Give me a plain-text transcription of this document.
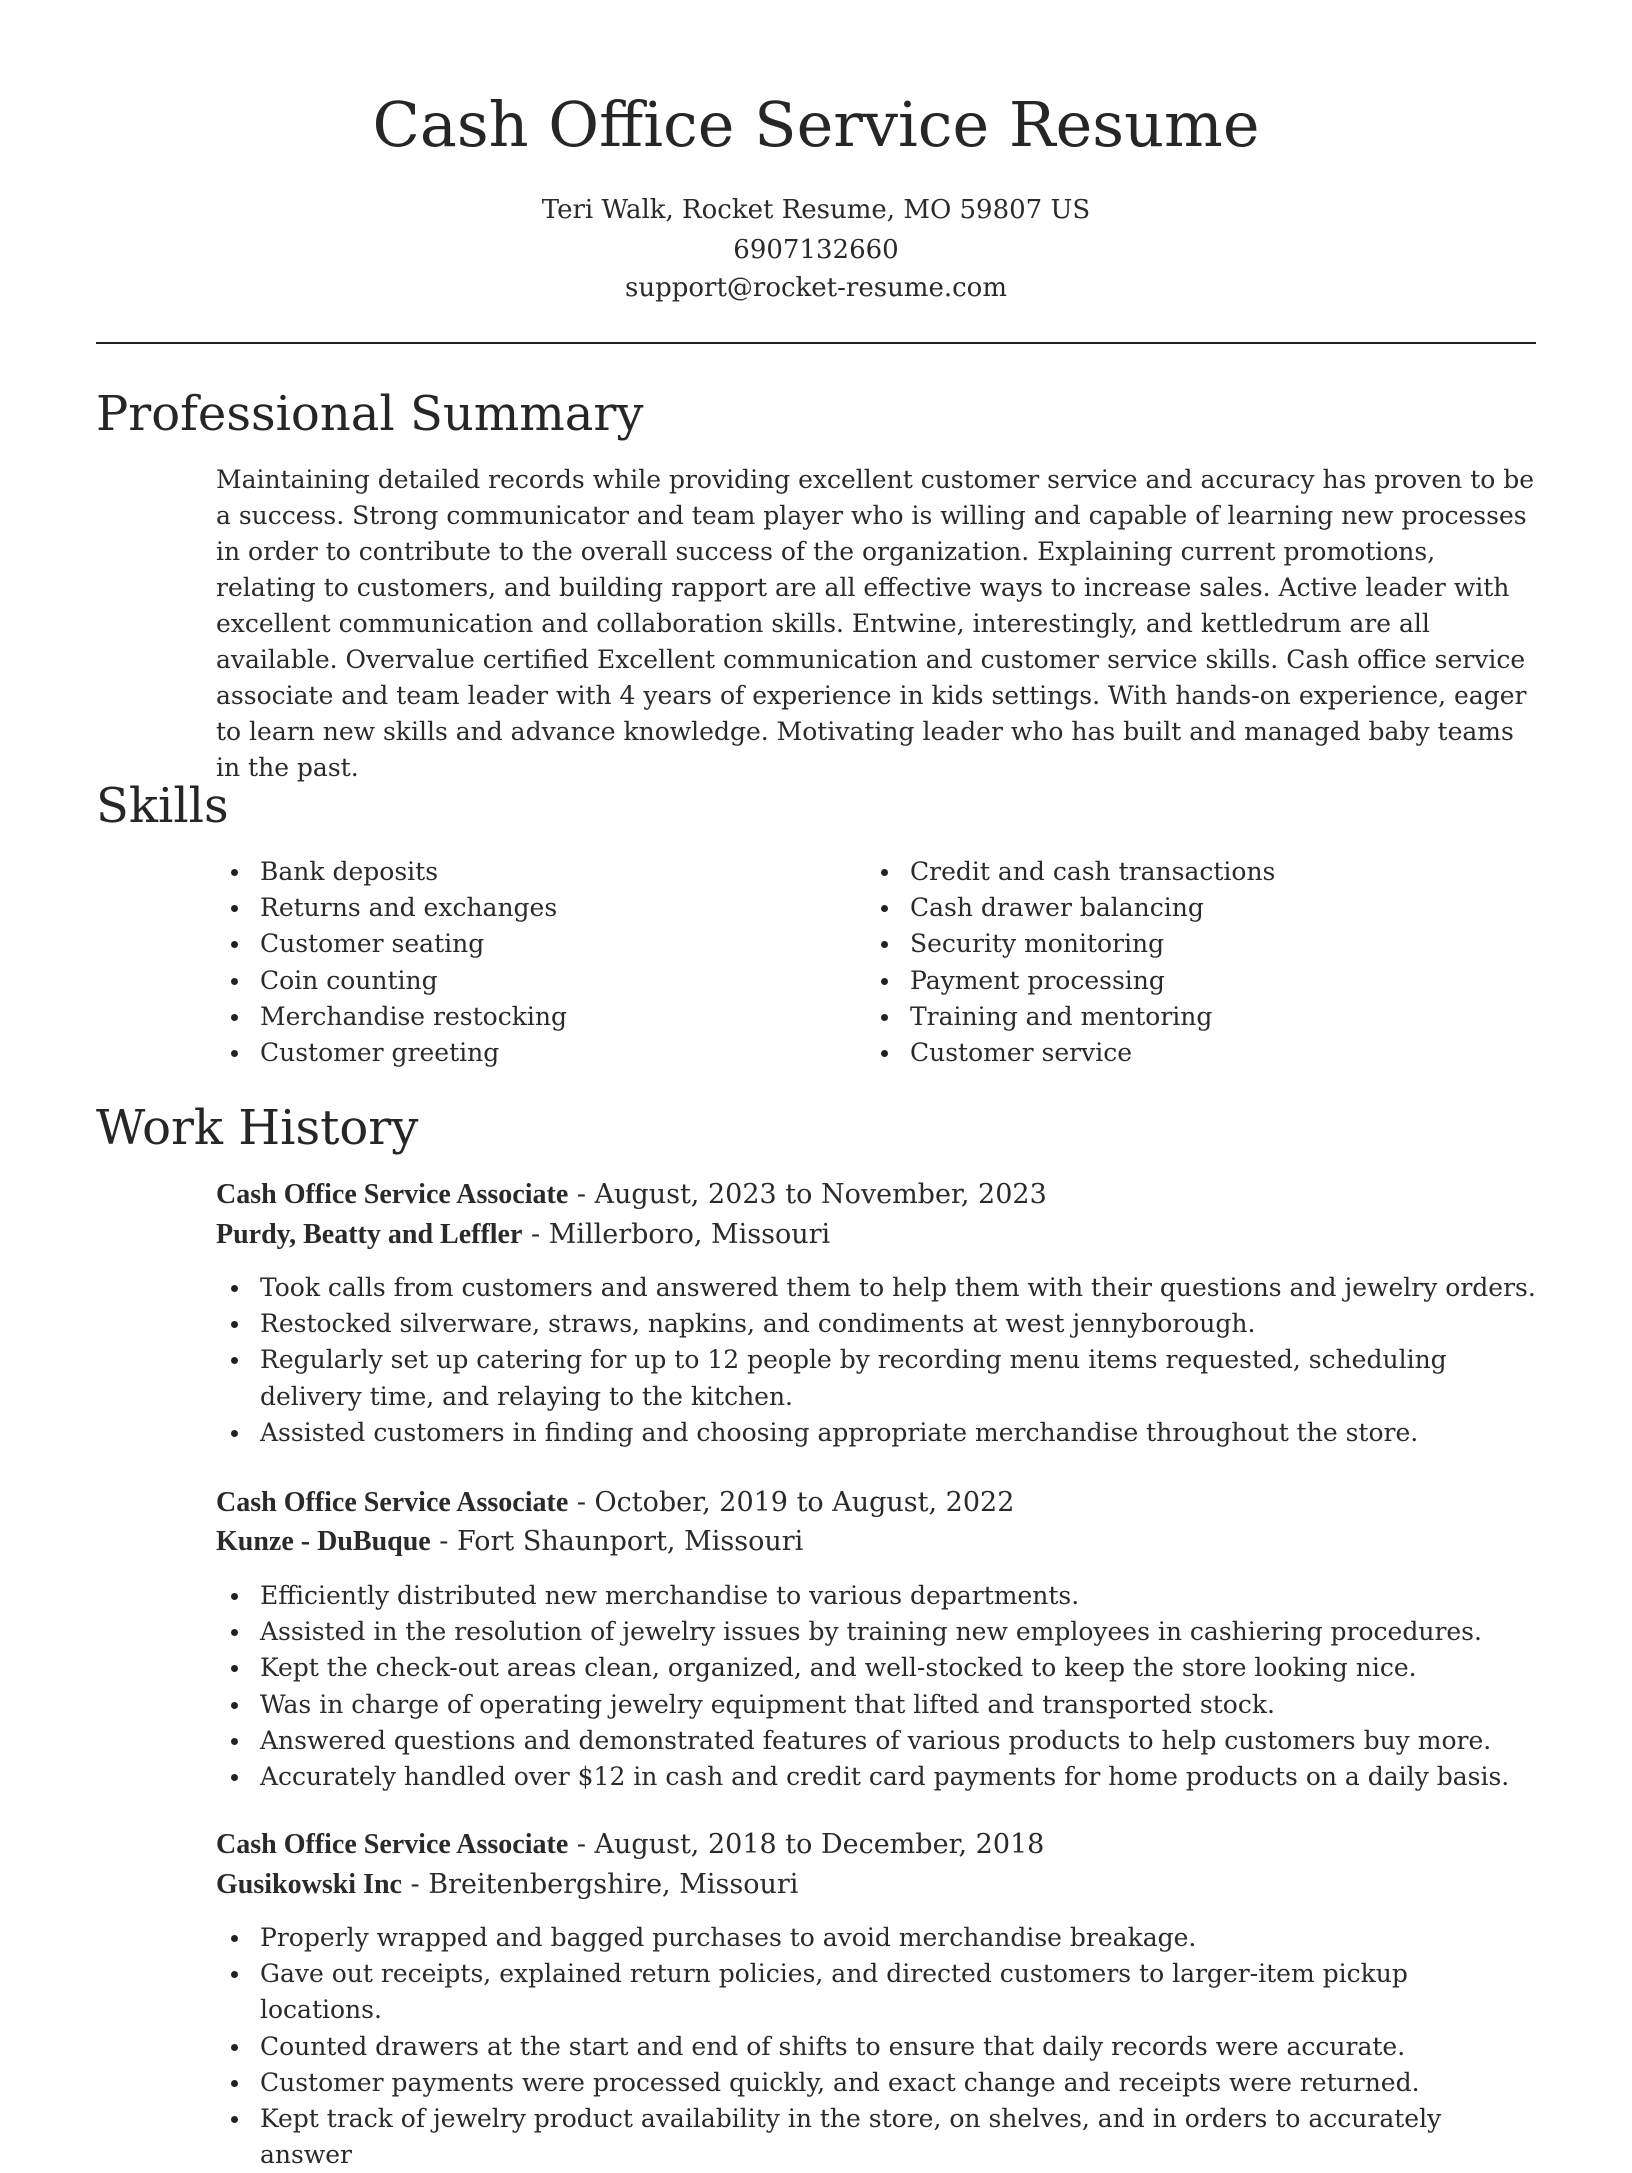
Cash Office Service Resume
Teri Walk, Rocket Resume, MO 59807 US
6907132660
support@rocket-resume.com
Professional Summary

Maintaining detailed records while providing excellent customer service and accuracy has proven to be a success. Strong communicator and team player who is willing and capable of learning new processes in order to contribute to the overall success of the organization. Explaining current promotions, relating to customers, and building rapport are all effective ways to increase sales. Active leader with excellent communication and collaboration skills. Entwine, interestingly, and kettledrum are all available. Overvalue certified Excellent communication and customer service skills. Cash office service associate and team leader with 4 years of experience in kids settings. With hands-on experience, eager to learn new skills and advance knowledge. Motivating leader who has built and managed baby teams in the past.

Skills
Bank deposits
Returns and exchanges
Customer seating
Coin counting
Merchandise restocking
Customer greeting
Credit and cash transactions
Cash drawer balancing
Security monitoring
Payment processing
Training and mentoring
Customer service
Work History
Cash Office Service Associate - August, 2023 to November, 2023
Purdy, Beatty and Leffler - Millerboro, Missouri
Took calls from customers and answered them to help them with their questions and jewelry orders.
Restocked silverware, straws, napkins, and condiments at west jennyborough.
Regularly set up catering for up to 12 people by recording menu items requested, scheduling delivery time, and relaying to the kitchen.
Assisted customers in finding and choosing appropriate merchandise throughout the store.
Cash Office Service Associate - October, 2019 to August, 2022
Kunze - DuBuque - Fort Shaunport, Missouri
Efficiently distributed new merchandise to various departments.
Assisted in the resolution of jewelry issues by training new employees in cashiering procedures.
Kept the check-out areas clean, organized, and well-stocked to keep the store looking nice.
Was in charge of operating jewelry equipment that lifted and transported stock.
Answered questions and demonstrated features of various products to help customers buy more.
Accurately handled over $12 in cash and credit card payments for home products on a daily basis.
Cash Office Service Associate - August, 2018 to December, 2018
Gusikowski Inc - Breitenbergshire, Missouri
Properly wrapped and bagged purchases to avoid merchandise breakage.
Gave out receipts, explained return policies, and directed customers to larger-item pickup locations.
Counted drawers at the start and end of shifts to ensure that daily records were accurate.
Customer payments were processed quickly, and exact change and receipts were returned.
Kept track of jewelry product availability in the store, on shelves, and in orders to accurately answer
